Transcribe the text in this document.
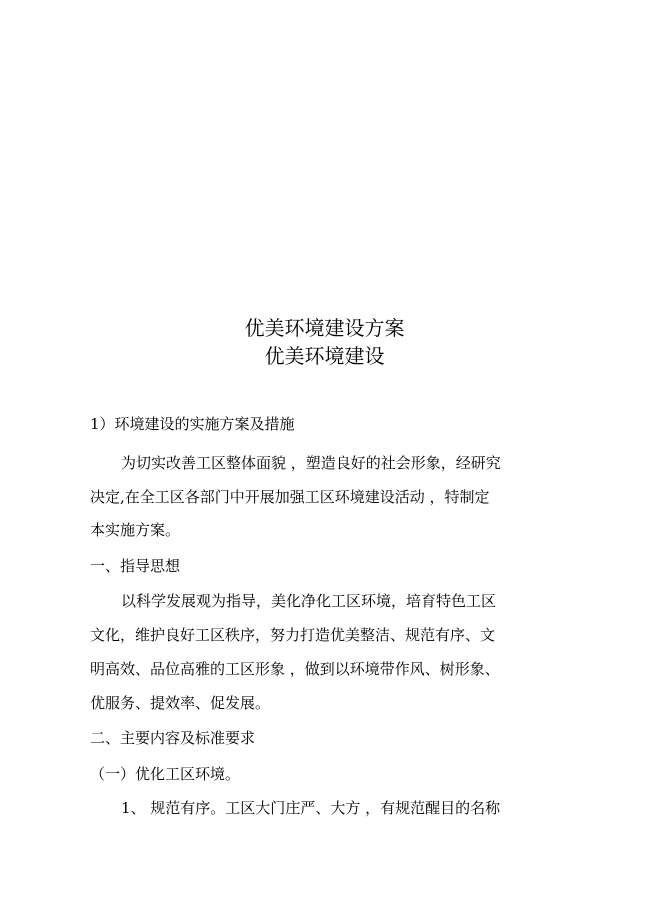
优美环境建设方案
优美环境建设
1）环境建设的实施方案及措施
为切实改善工区整体面貌 ，塑造良好的社会形象，经研究
决定,在全工区各部门中开展加强工区环境建设活动 ，特制定
本实施方案。
一、指导思想
以科学发展观为指导，美化净化工区环境，培育特色工区
文化，维护良好工区秩序，努力打造优美整洁、规范有序、文
明高效、品位高雅的工区形象 ，做到以环境带作风、树形象、
优服务、提效率、促发展。
二、主要内容及标准要求
（一）优化工区环境。
1、 规范有序。工区大门庄严、大方 ，有规范醒目的名称
